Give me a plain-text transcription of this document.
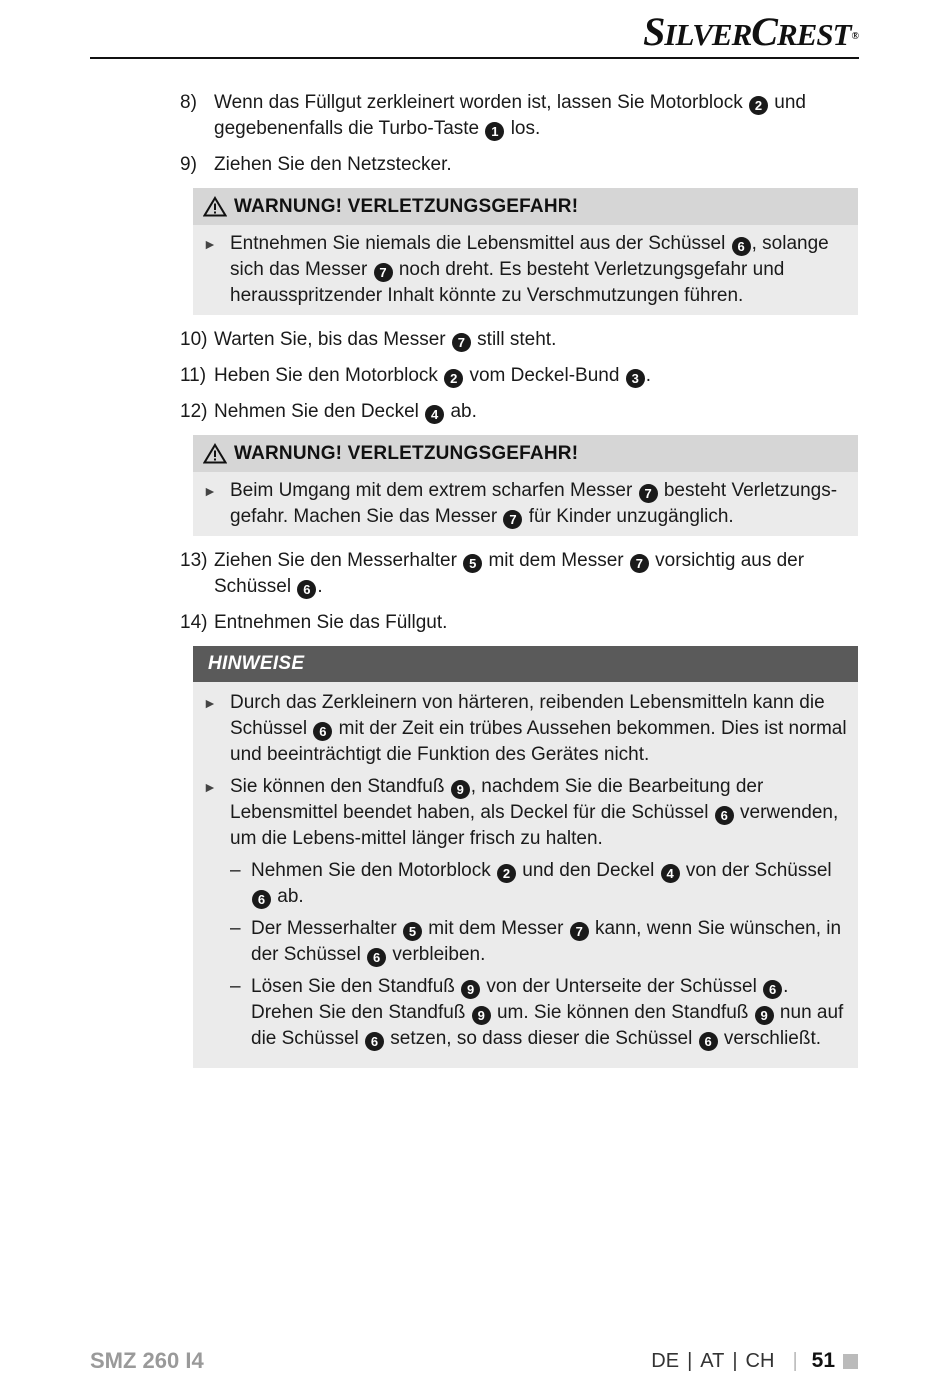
SILVERCREST®
8) Wenn das Füllgut zerkleinert worden ist, lassen Sie Motorblock 2 und gegebenenfalls die Turbo-Taste 1 los.
9) Ziehen Sie den Netzstecker.
WARNUNG! VERLETZUNGSGEFAHR!
► Entnehmen Sie niemals die Lebensmittel aus der Schüssel 6 , solange sich das Messer 7 noch dreht. Es besteht Verletzungsgefahr und herausspritzender Inhalt könnte zu Verschmutzungen führen.
10) Warten Sie, bis das Messer 7 still steht.
11) Heben Sie den Motorblock 2 vom Deckel-Bund 3 .
12) Nehmen Sie den Deckel 4 ab.
WARNUNG! VERLETZUNGSGEFAHR!
► Beim Umgang mit dem extrem scharfen Messer 7 besteht Verletzungs-gefahr. Machen Sie das Messer 7 für Kinder unzugänglich.
13) Ziehen Sie den Messerhalter 5 mit dem Messer 7 vorsichtig aus der Schüssel 6 .
14) Entnehmen Sie das Füllgut.
HINWEISE
► Durch das Zerkleinern von härteren, reibenden Lebensmitteln kann die Schüssel 6 mit der Zeit ein trübes Aussehen bekommen. Dies ist normal und beeinträchtigt die Funktion des Gerätes nicht.
► Sie können den Standfuß 9 , nachdem Sie die Bearbeitung der Lebensmittel beendet haben, als Deckel für die Schüssel 6 verwenden, um die Lebens-mittel länger frisch zu halten.
– Nehmen Sie den Motorblock 2 und den Deckel 4 von der Schüssel 6 ab.
– Der Messerhalter 5 mit dem Messer 7 kann, wenn Sie wünschen, in der Schüssel 6 verbleiben.
– Lösen Sie den Standfuß 9 von der Unterseite der Schüssel 6 . Drehen Sie den Standfuß 9 um. Sie können den Standfuß 9 nun auf die Schüssel 6 setzen, so dass dieser die Schüssel 6 verschließt.
SMZ 260 I4	DE | AT | CH | 51
